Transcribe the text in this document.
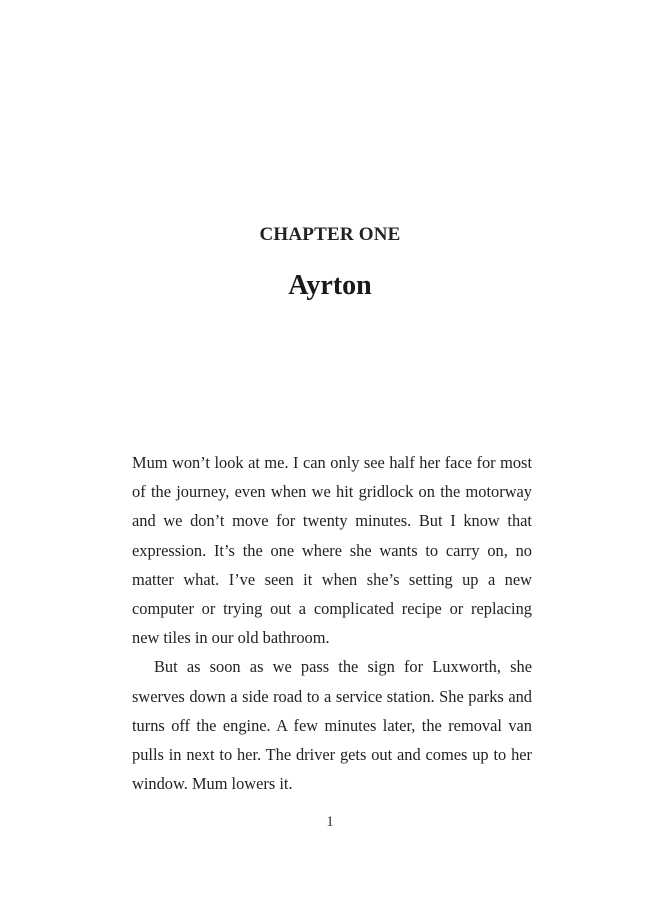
CHAPTER ONE
Ayrton

Mum won’t look at me. I can only see half her face for most of the journey, even when we hit gridlock on the motorway and we don’t move for twenty minutes. But I know that expression. It’s the one where she wants to carry on, no matter what. I’ve seen it when she’s setting up a new computer or trying out a complicated recipe or replacing new tiles in our old bathroom.

But as soon as we pass the sign for Luxworth, she swerves down a side road to a service station. She parks and turns off the engine. A few minutes later, the removal van pulls in next to her. The driver gets out and comes up to her window. Mum lowers it.

1
